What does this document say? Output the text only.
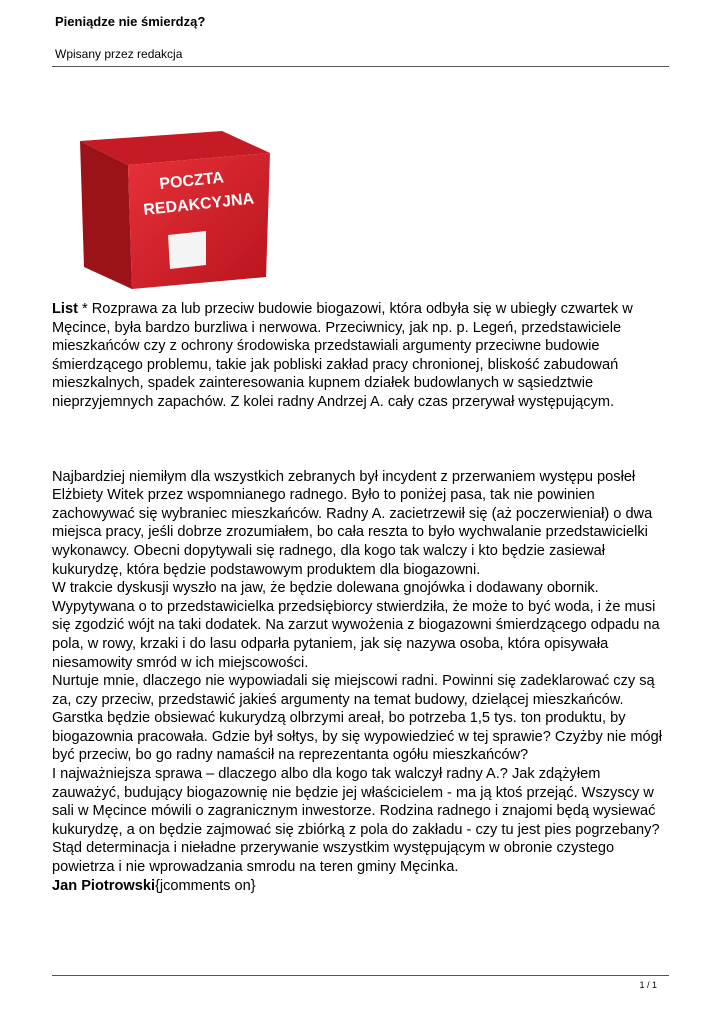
Pieniądze nie śmierdzą?
Wpisany przez redakcja
POCZTA
REDAKCYJNA

List * Rozprawa za lub przeciw budowie biogazowi, która odbyła się w ubiegły czwartek w Męcince, była bardzo burzliwa i nerwowa. Przeciwnicy, jak np. p. Legeń, przedstawiciele mieszkańców czy z ochrony środowiska przedstawiali argumenty przeciwne budowie śmierdzącego problemu, takie jak pobliski zakład pracy chronionej, bliskość zabudowań mieszkalnych, spadek zainteresowania kupnem działek budowlanych w sąsiedztwie nieprzyjemnych zapachów. Z kolei radny Andrzej A. cały czas przerywał występującym.

Najbardziej niemiłym dla wszystkich zebranych był incydent z przerwaniem występu posłeł Elżbiety Witek przez wspomnianego radnego. Było to poniżej pasa, tak nie powinien zachowywać się wybraniec mieszkańców. Radny A. zacietrzewił się (aż poczerwieniał) o dwa miejsca pracy, jeśli dobrze zrozumiałem, bo cała reszta to było wychwalanie przedstawicielki wykonawcy. Obecni dopytywali się radnego, dla kogo tak walczy i kto będzie zasiewał kukurydzę, która będzie podstawowym produktem dla biogazowni.

W trakcie dyskusji wyszło na jaw, że będzie dolewana gnojówka i dodawany obornik. Wypytywana o to przedstawicielka przedsiębiorcy stwierdziła, że może to być woda, i że musi się zgodzić wójt na taki dodatek. Na zarzut wywożenia z biogazowni śmierdzącego odpadu na pola, w rowy, krzaki i do lasu odparła pytaniem, jak się nazywa osoba, która opisywała niesamowity smród w ich miejscowości.

Nurtuje mnie, dlaczego nie wypowiadali się miejscowi radni. Powinni się zadeklarować czy są za, czy przeciw, przedstawić jakieś argumenty na temat budowy, dzielącej mieszkańców. Garstka będzie obsiewać kukurydzą olbrzymi areał, bo potrzeba 1,5 tys. ton produktu, by biogazownia pracowała. Gdzie był sołtys, by się wypowiedzieć w tej sprawie? Czyżby nie mógł być przeciw, bo go radny namaścił na reprezentanta ogółu mieszkańców?

I najważniejsza sprawa – dlaczego albo dla kogo tak walczył radny A.? Jak zdążyłem zauważyć, budujący biogazownię nie będzie jej właścicielem - ma ją ktoś przejąć. Wszyscy w sali w Męcince mówili o zagranicznym inwestorze. Rodzina radnego i znajomi będą wysiewać kukurydzę, a on będzie zajmować się zbiórką z pola do zakładu - czy tu jest pies pogrzebany? Stąd determinacja i nieładne przerywanie wszystkim występującym w obronie czystego powietrza i nie wprowadzania smrodu na teren gminy Męcinka.

Jan Piotrowski{jcomments on}

1 / 1
